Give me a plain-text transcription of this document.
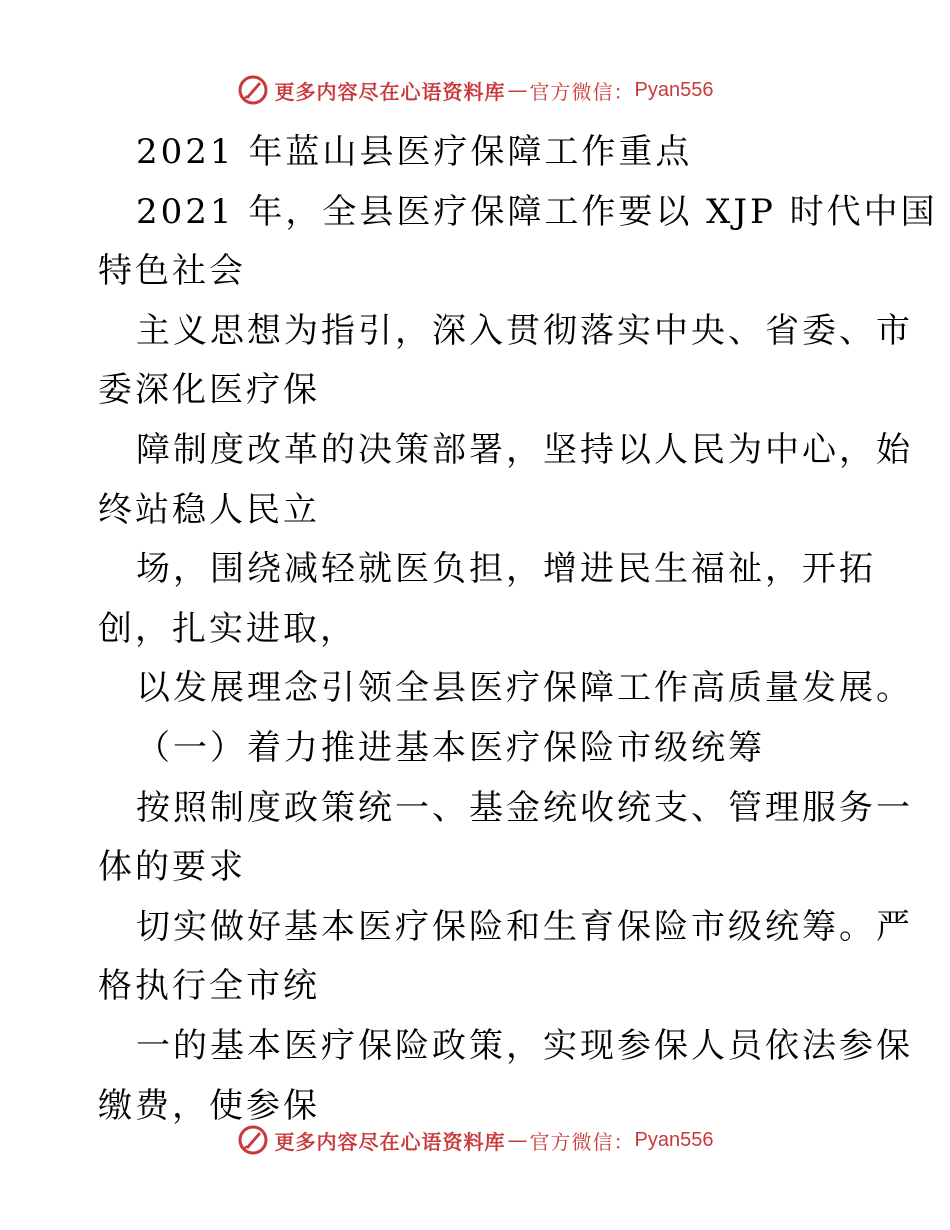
更多内容尽在心语资料库 — 官方微信： Pyan556
2021 年蓝山县医疗保障工作重点
2021 年，全县医疗保障工作要以 XJP 时代中国
特色社会
主义思想为指引，深入贯彻落实中央、省委、市
委深化医疗保
障制度改革的决策部署，坚持以人民为中心，始
终站稳人民立
场，围绕减轻就医负担，增进民生福祉，开拓
创，扎实进取，
以发展理念引领全县医疗保障工作高质量发展。
（一）着力推进基本医疗保险市级统筹
按照制度政策统一、基金统收统支、管理服务一
体的要求
切实做好基本医疗保险和生育保险市级统筹。严
格执行全市统
一的基本医疗保险政策，实现参保人员依法参保
缴费，使参保
更多内容尽在心语资料库 — 官方微信： Pyan556
